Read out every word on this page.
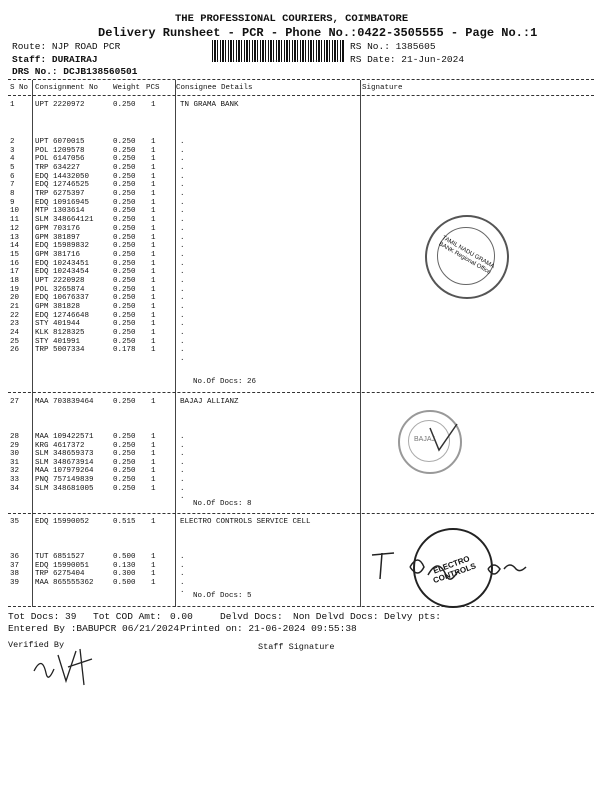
THE PROFESSIONAL COURIERS, COIMBATORE
Delivery Runsheet - PCR - Phone No.:0422-3505555 - Page No.:1
Route: NJP ROAD PCR
Staff: DURAIRAJ
DRS No.: DCJB138560501
RS No.: 1385605
RS Date: 21-Jun-2024
S No Consignment No Weight PCS Consignee Details	Signature
1	UPT 2220972	0.250 1	TN GRAMA BANK
2	UPT 6070015	0.250 1	.
3	POL 1209578	0.250 1	.
4	POL 6147056	0.250 1	.
5	TRP 634227	0.250 1	.
6	EDQ 14432050	0.250 1	.
7	EDQ 12746525	0.250 1	.
8	TRP 6275397	0.250 1	.
9	EDQ 10916945	0.250 1	.
10 MTP 1303614	0.250 1	.
11 SLM 348664121	0.250 1	.
12 GPM 703176	0.250 1	.
13 GPM 381897	0.250 1	.
14 EDQ 15989832	0.250 1	.
15 GPM 381716	0.250 1	.
16 EDQ 10243451	0.250 1	.
17 EDQ 10243454	0.250 1	.
18 UPT 2220928	0.250 1	.
19 POL 3265874	0.250 1	.
20 EDQ 10676337	0.250 1	.
21 GPM 381828	0.250 1	.
22 EDQ 12746648	0.250 1	.
23 STY 401944	0.250 1	.
24 KLK 8128325	0.250 1	.
25 STY 401991	0.250 1	.
26 TRP 5007334	0.178 1	.
.
No.Of Docs: 26
27 MAA 703839464	0.250 1	BAJAJ ALLIANZ
28 MAA 109422571	0.250 1	.
29 KRG 4617372	0.250 1	.
30 SLM 348659373	0.250 1	.
31 SLM 348673914	0.250 1	.
32 MAA 107979264	0.250 1	.
33 PNQ 757149839	0.250 1	.
34 SLM 348681005	0.250 1	.
.
No.Of Docs: 8
35 EDQ 15990052	0.515 1	ELECTRO CONTROLS SERVICE CELL
36 TUT 6851527	0.500 1	.
37 EDQ 15990051	0.130 1	.
38 TRP 6275404	0.300 1	.
39 MAA 865555362	0.500 1	.
.
No.Of Docs: 5
TAMIL NADU GRAMA BANK Regional Office
BAJAJ
ELECTRO CONTROLS
Tot Docs: 39 Tot COD Amt: 0.00	Delvd Docs: Non Delvd Docs: Delvy pts:
Entered By :BABUPCR 06/21/2024 Printed on: 21-06-2024 09:55:38
Verified By	Staff Signature
